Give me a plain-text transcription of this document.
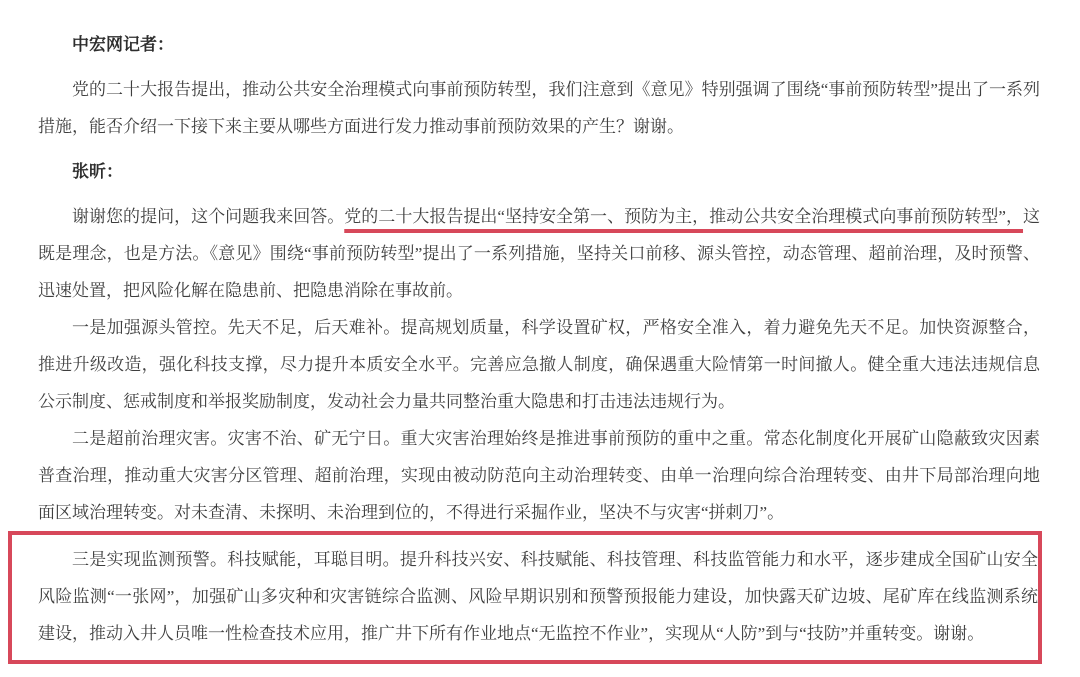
中宏网记者：

党的二十大报告提出，推动公共安全治理模式向事前预防转型，我们注意到《意见》特别强调了围绕“事前预防转型”提出了一系列措施，能否介绍一下接下来主要从哪些方面进行发力推动事前预防效果的产生？谢谢。

张昕：

谢谢您的提问，这个问题我来回答。党的二十大报告提出“坚持安全第一、预防为主，推动公共安全治理模式向事前预防转型”，这既是理念，也是方法。《意见》围绕“事前预防转型”提出了一系列措施，坚持关口前移、源头管控，动态管理、超前治理，及时预警、迅速处置，把风险化解在隐患前、把隐患消除在事故前。

一是加强源头管控。先天不足，后天难补。提高规划质量，科学设置矿权，严格安全准入，着力避免先天不足。加快资源整合，推进升级改造，强化科技支撑，尽力提升本质安全水平。完善应急撤人制度，确保遇重大险情第一时间撤人。健全重大违法违规信息公示制度、惩戒制度和举报奖励制度，发动社会力量共同整治重大隐患和打击违法违规行为。

二是超前治理灾害。灾害不治、矿无宁日。重大灾害治理始终是推进事前预防的重中之重。常态化制度化开展矿山隐蔽致灾因素普查治理，推动重大灾害分区管理、超前治理，实现由被动防范向主动治理转变、由单一治理向综合治理转变、由井下局部治理向地面区域治理转变。对未查清、未探明、未治理到位的，不得进行采掘作业，坚决不与灾害“拼刺刀”。

三是实现监测预警。科技赋能，耳聪目明。提升科技兴安、科技赋能、科技管理、科技监管能力和水平，逐步建成全国矿山安全风险监测“一张网”，加强矿山多灾种和灾害链综合监测、风险早期识别和预警预报能力建设，加快露天矿边坡、尾矿库在线监测系统建设，推动入井人员唯一性检查技术应用，推广井下所有作业地点“无监控不作业”，实现从“人防”到与“技防”并重转变。谢谢。
